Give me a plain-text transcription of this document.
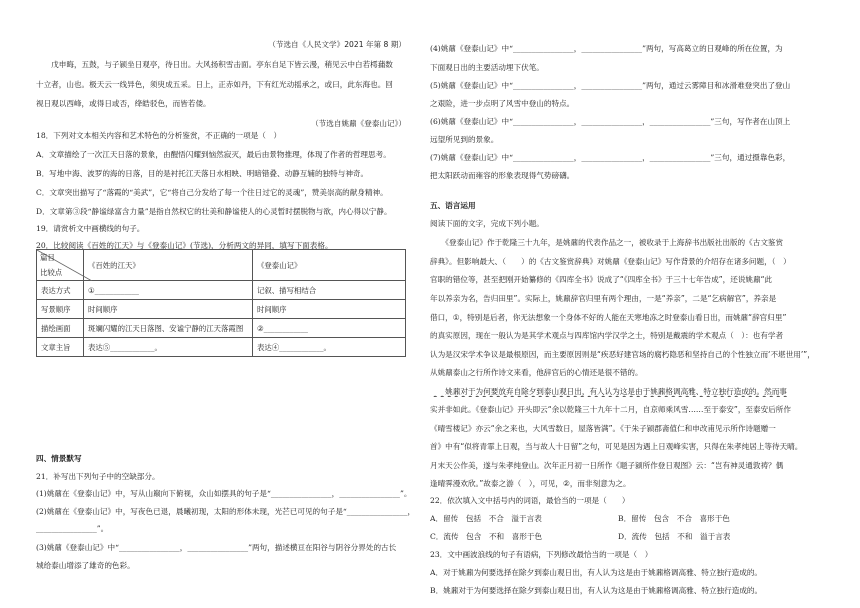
（节选自《人民文学》2021 年第 8 期）
　　戊申晦，五鼓，与子颍坐日观亭，待日出。大风扬积雪击面。亭东自足下皆云漫，稍见云中白若樗蒱数
十立者，山也。极天云一线异色，须臾成五采。日上，正赤如丹，下有红光动摇承之，或曰，此东海也。回
视日观以西峰，或得日或否，绛皓驳色，而皆若偻。
（节选自姚鼐《登泰山记》）
18．下列对文本相关内容和艺术特色的分析鉴赏，不正确的一项是（　）
A．文章描绘了一次江天日落的景象，由醒悟闪耀到恼然寂灭，最后由景物推理，体现了作者的哲理思考。
B．写地中海、波罗的海的日落，目的是衬托江天落日水相映、明暗错叠、动静互辅的独特与神奇。
C．文章突出描写了“落霞的“美武”，它“将自己分发给了每一个往日过它的灵魂”，赞美崇高的献身精神。
D．文章第③段“静谧绿富含力量”是指自然权它的壮美和静谧使人的心灵暂时摆脱物与欲，内心得以宁静。
19．请赏析文中画横线的句子。
20．比较阅读《百姓的江天》与《登泰山记》(节选)，分析两文的异同，填写下面表格。
篇目
比较点	《百姓的江天》	《登泰山记》
表达方式	①____________	记叙、描写相结合
写景顺序	时间顺序	时间顺序
描绘画面	斑斓闪耀的江天日落图、安谧宁静的江天落霞图	②____________
文章主旨	表达⑤____________。	表达④____________。
四、情景默写
21．补写出下列句子中的空缺部分。
(1)姚鼐在《登泰山记》中，写从山巅向下俯视，众山如摆具的句子是“________________，________________”。
(2)姚鼐在《登泰山记》中，写夜色已退，晨曦初现，太阳的形体未现，光芒已可见的句子是“________________，
________________”。
(3)姚鼐《登泰山记》中“________________，________________”两句，描述横亘在阳谷与阴谷分界处的古长
城给泰山增添了雄奇的色彩。
(4)姚鼐《登泰山记》中“________________，________________”两句，写高葛立的日观峰的所在位置，为
下面观日出的主要活动埋下伏笔。
(5)姚鼐《登泰山记》中“________________，________________”两句，通过云雾障目和冰滑难登突出了登山
之艰险，进一步点明了风雪中登山的特点。
(6)姚鼐《登泰山记》中“________________，________________，________________”三句，写作者在山顶上
远望所见到的景象。
(7)姚鼐《登泰山记》中“________________，________________，________________”三句，通过摄靠色彩，
把太阳跃动而雍容的形象表现得气势磅礴。
五、语言运用
阅读下面的文字，完成下列小题。
　　《登泰山记》作于乾隆三十九年，是姚鼐的代表作品之一，被收录于上海辞书出版社出版的《古文鉴赏
辞典》。但影响最大、（　　）的《古文鉴赏辞典》对姚鼐《登泰山记》写作背景的介绍存在诸多问题，（　）
官职的错位等，甚至把刚开始纂修的《四库全书》说成了“《四库全书》于三十七年告成”，还说姚鼐“此
年以养亲为名，告归田里”。实际上，姚鼐辞官归里有两个理由，一是“养亲”，二是“乞病解官”，养亲是
借口，①，特别是后者，你无法想象一个身体不好的人能在天寒地冻之时登泰山看日出，而姚鼐“辞官归里”
的真实原因，现在一般认为是其学术观点与四库馆内学汉学之士，特别是戴震的学术观点（　）：也有学者
认为是汉宋学术争议是最根原因，而主要原因则是“疾恶好建官场的腐朽隐恶和坚持自己的个性独立而‘不堪世用’”，
从姚鼐泰山之行所作诗文来看，他辞官后的心情还是很不错的。
　　姚鼐对于为何要放弃自除夕到泰山观日出，有人认为这是由于姚鼐格调高雅、特立独行造成的。然而事
实并非如此。《登泰山记》开头即云“余以乾隆三十九年十二月，自京师乘风雪……至于泰安”，至泰安后所作
《晴雪楼记》亦云“余之来也，大风雪数日，屋落皆满”。《于朱子颍郡斋值仁和申改甫见示所作诗题赠一
首》中有“似将青霏上日观，当与故人十日留”之句，可见是因为遇上日观峰实害，只得在朱孝纯居上等待天晴。
月末天公作美，遂与朱孝纯登山。次年正月初一日所作《题子颍所作登日观图》云：“岂有神灵通敦祷？偶
逢晴霁漫欢欣。”故泰之游（　），可见，②，而非刻意为之。
22．依次填入文中括号内的词语，最恰当的一项是（　　）
A．留传　包括　不合　溢于言表	B．留传　包含　不合　喜形于色
C．流传　包含　不和　喜形于色	D．流传　包括　不和　溢于言表
23．文中画波浪线的句子有语病，下列修改最恰当的一项是（　）
A．对于姚鼐为何要选择在除夕到泰山观日出，有人认为这是由于姚鼐格调高雅、特立独行造成的。
B．姚鼐对于为何要选择在除夕到泰山观日出，有人认为这是由于姚鼐格调高雅、特立独行造成的。
